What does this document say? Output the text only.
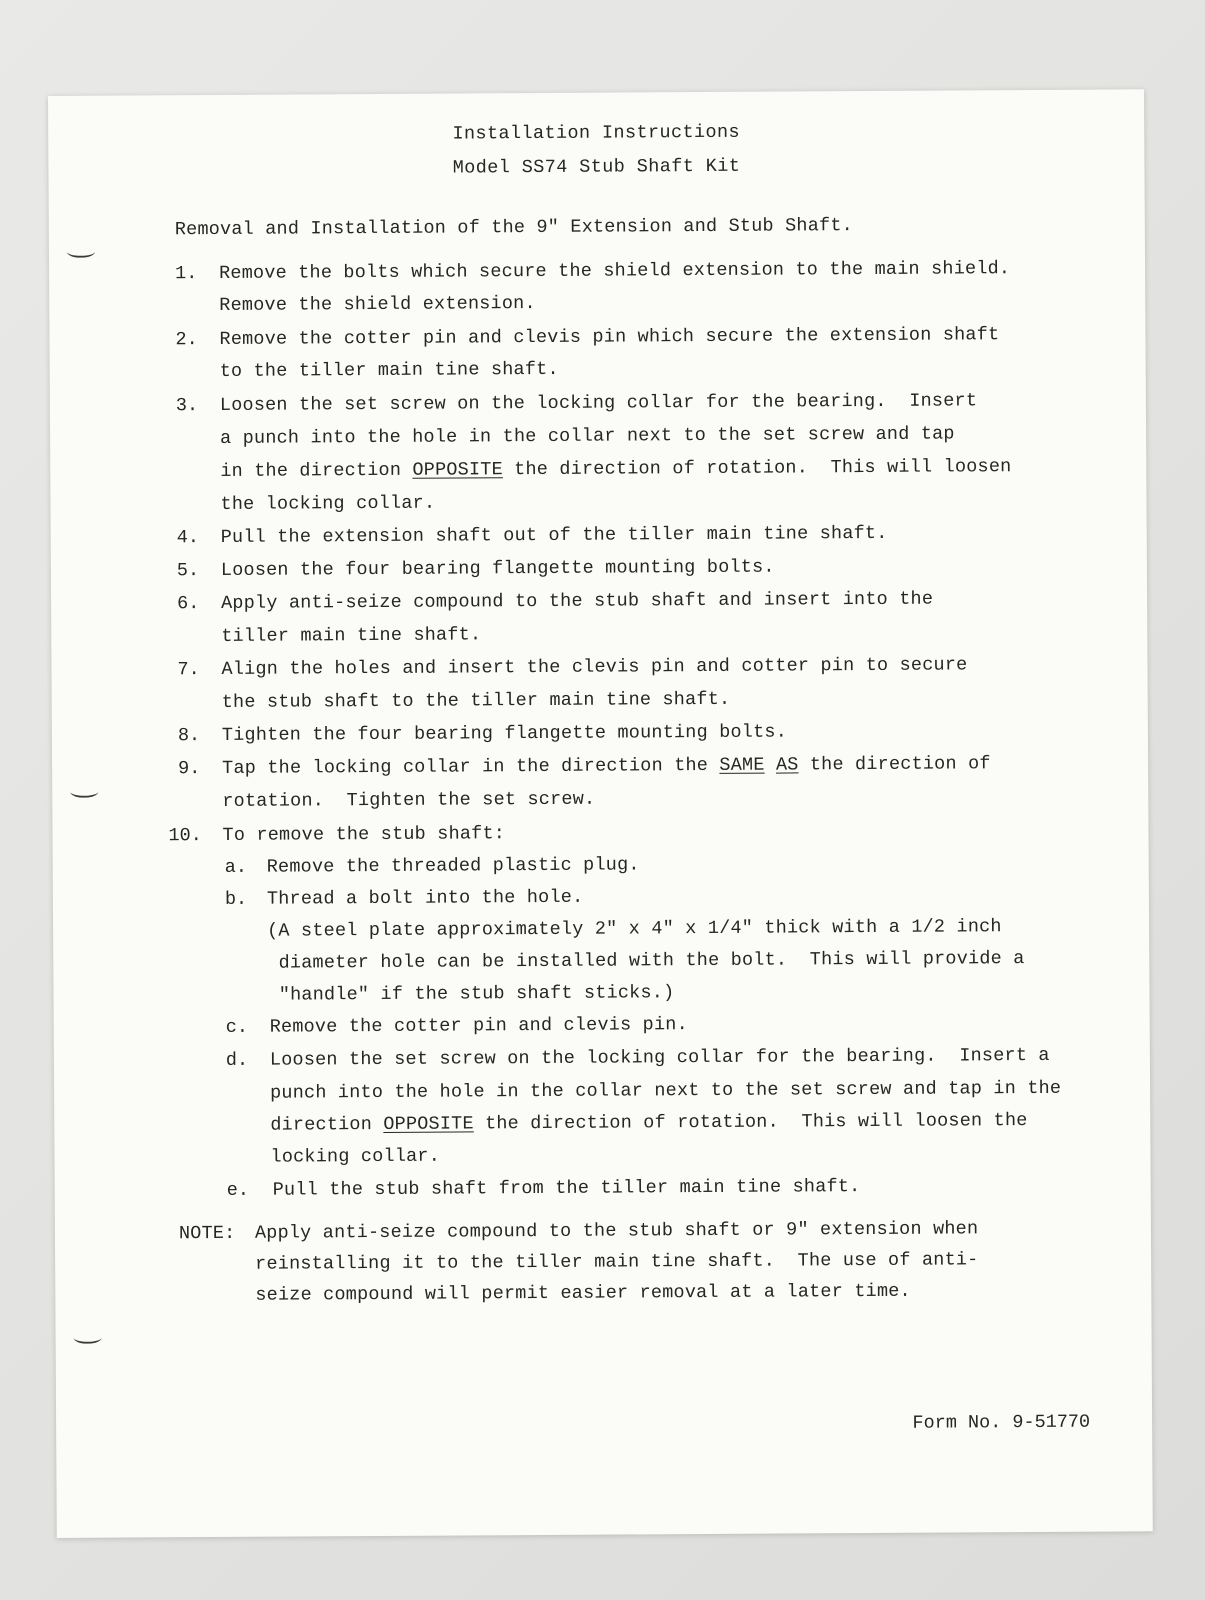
Installation Instructions
Model SS74 Stub Shaft Kit
Removal and Installation of the 9" Extension and Stub Shaft.
1. Remove the bolts which secure the shield extension to the main shield.
Remove the shield extension.
2. Remove the cotter pin and clevis pin which secure the extension shaft
to the tiller main tine shaft.
3. Loosen the set screw on the locking collar for the bearing.  Insert
a punch into the hole in the collar next to the set screw and tap
in the direction OPPOSITE the direction of rotation.  This will loosen
the locking collar.
4. Pull the extension shaft out of the tiller main tine shaft.
5. Loosen the four bearing flangette mounting bolts.
6. Apply anti-seize compound to the stub shaft and insert into the
tiller main tine shaft.
7. Align the holes and insert the clevis pin and cotter pin to secure
the stub shaft to the tiller main tine shaft.
8. Tighten the four bearing flangette mounting bolts.
9. Tap the locking collar in the direction the SAME AS the direction of
rotation.  Tighten the set screw.
10. To remove the stub shaft:
a. Remove the threaded plastic plug.
b. Thread a bolt into the hole.
(A steel plate approximately 2" x 4" x 1/4" thick with a 1/2 inch
diameter hole can be installed with the bolt.  This will provide a
"handle" if the stub shaft sticks.)
c. Remove the cotter pin and clevis pin.
d. Loosen the set screw on the locking collar for the bearing.  Insert a
punch into the hole in the collar next to the set screw and tap in the
direction OPPOSITE the direction of rotation.  This will loosen the
locking collar.
e. Pull the stub shaft from the tiller main tine shaft.
NOTE: Apply anti-seize compound to the stub shaft or 9" extension when
reinstalling it to the tiller main tine shaft.  The use of anti-
seize compound will permit easier removal at a later time.
Form No. 9-51770
